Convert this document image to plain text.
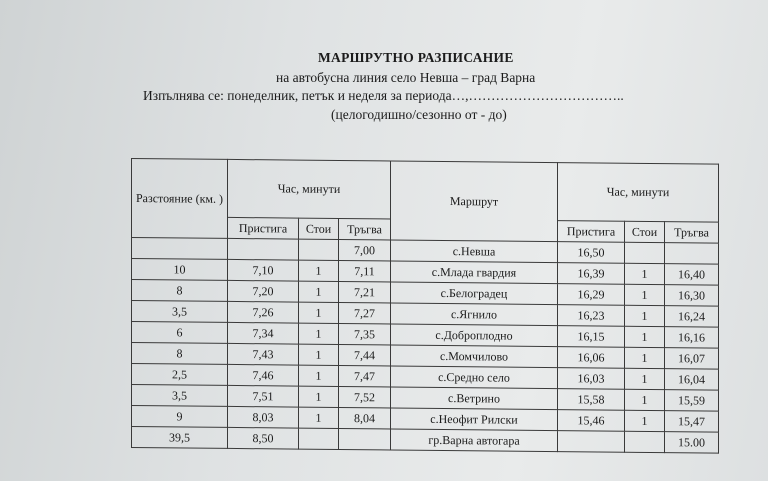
МАРШРУТНО РАЗПИСАНИЕ
на автобусна линия село Невша – град Варна
Изпълнява се: понеделник, петък и неделя за периода…,……………………………..
(целогодишно/сезонно от - до)
Разстояние (км. )	Час, минути			Маршрут	Час, минути		
	Пристига	Стои	Тръгва		Пристига	Стои	Тръгва
			7,00	с.Невша	16,50		
10	7,10	1	7,11	с.Млада гвардия	16,39	1	16,40
8	7,20	1	7,21	с.Белоградец	16,29	1	16,30
3,5	7,26	1	7,27	с.Ягнило	16,23	1	16,24
6	7,34	1	7,35	с.Доброплодно	16,15	1	16,16
8	7,43	1	7,44	с.Момчилово	16,06	1	16,07
2,5	7,46	1	7,47	с.Средно село	16,03	1	16,04
3,5	7,51	1	7,52	с.Ветрино	15,58	1	15,59
9	8,03	1	8,04	с.Неофит Рилски	15,46	1	15,47
39,5	8,50			гр.Варна автогара			15.00
